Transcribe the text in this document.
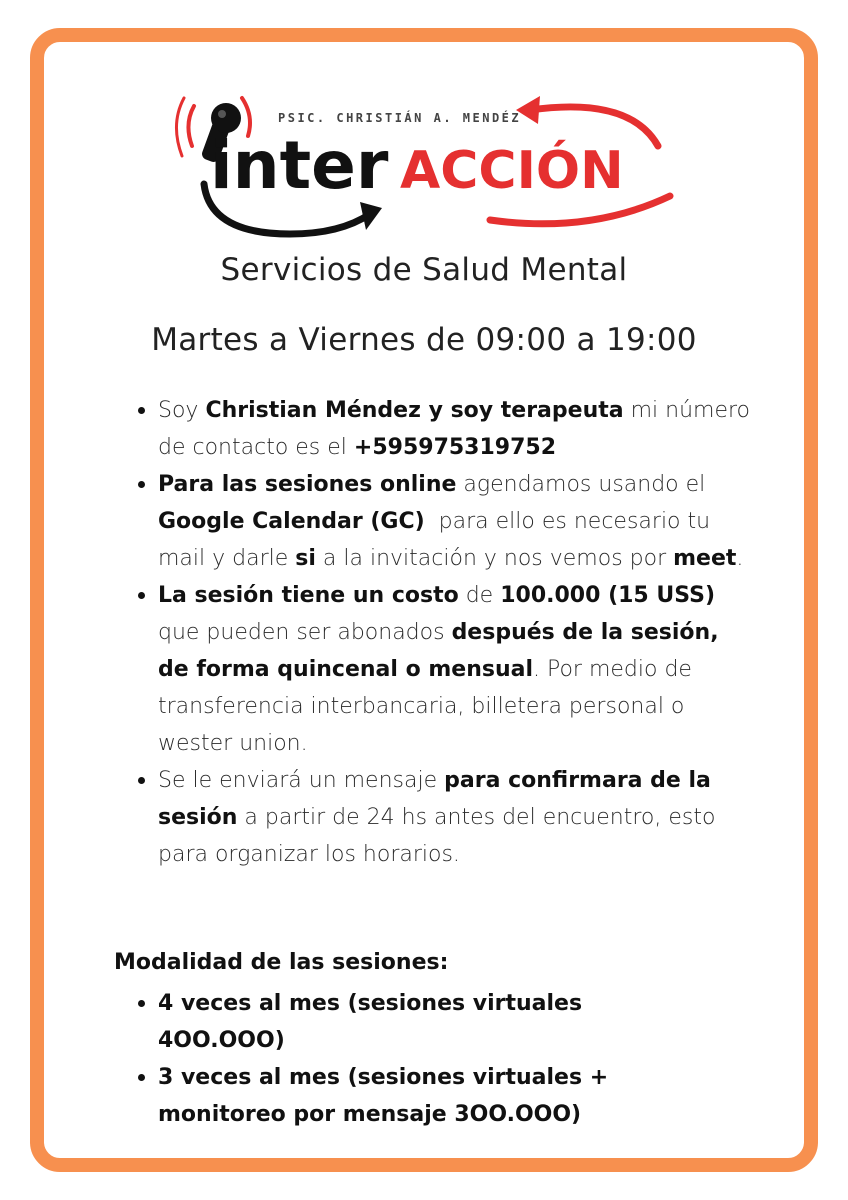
PSIC. CHRISTIÁN A. MENDÉZ
inter ACCIÓN
Servicios de Salud Mental
Martes a Viernes de 09:00 a 19:00
Soy Christian Méndez y soy terapeuta mi número de contacto es el +595975319752
Para las sesiones online agendamos usando el Google Calendar (GC)  para ello es necesario tu mail y darle si a la invitación y nos vemos por meet.
La sesión tiene un costo de 100.000 (15 USS) que pueden ser abonados después de la sesión, de forma quincenal o mensual. Por medio de transferencia interbancaria, billetera personal o wester union.
Se le enviará un mensaje para confirmara de la sesión a partir de 24 hs antes del encuentro, esto para organizar los horarios.
Modalidad de las sesiones:
4 veces al mes (sesiones virtuales 4OO.OOO)
3 veces al mes (sesiones virtuales + monitoreo por mensaje 3OO.OOO)
